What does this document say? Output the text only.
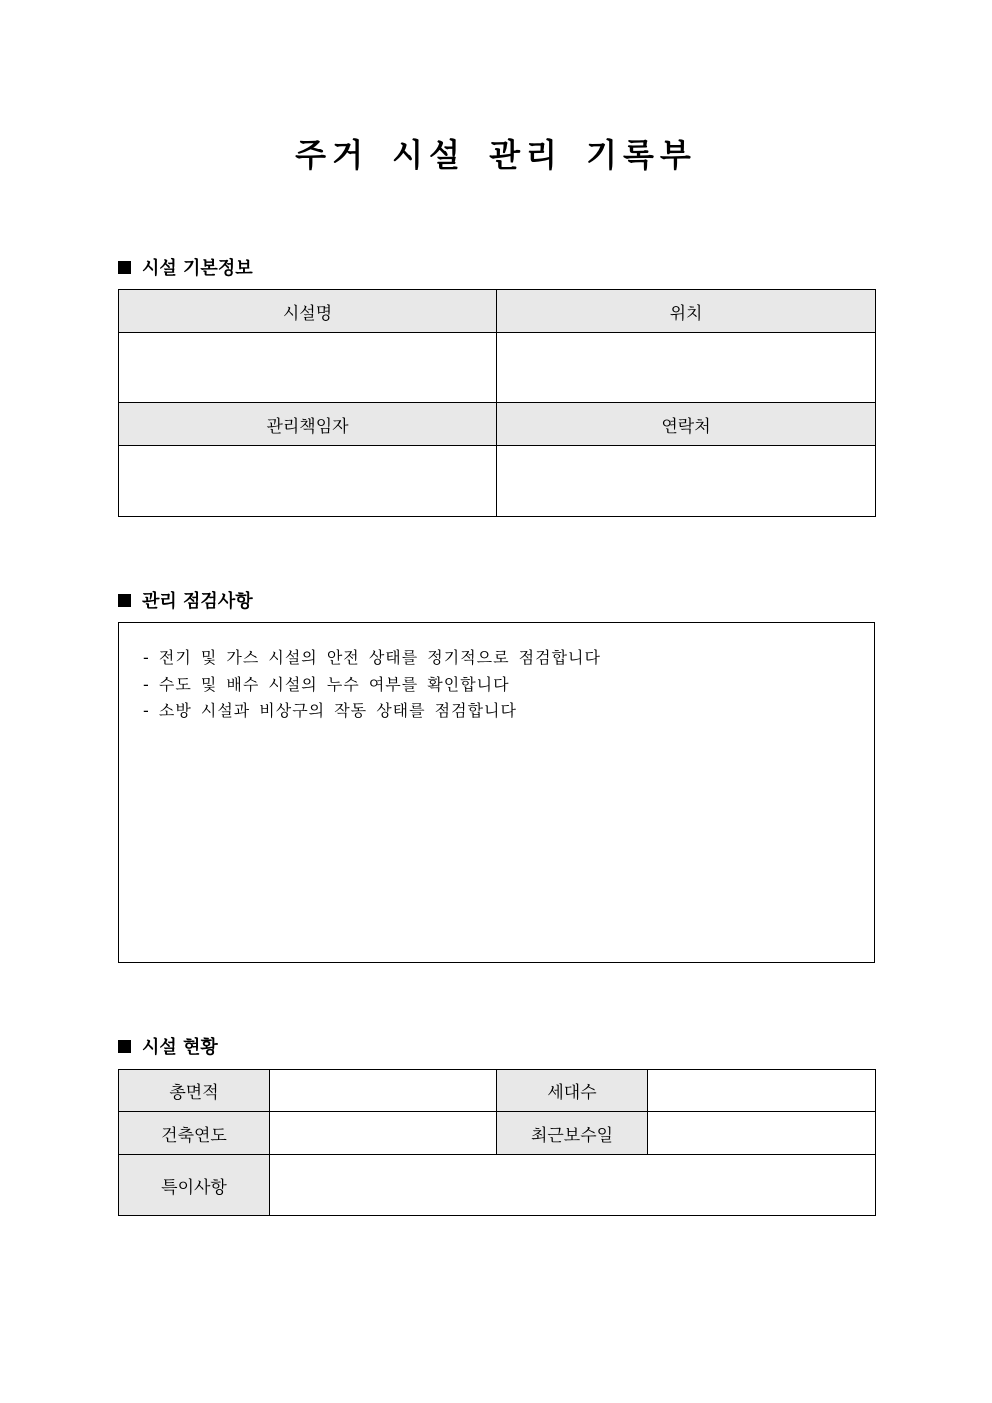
주거 시설 관리 기록부
시설 기본정보
시설명	위치

관리책임자	연락처

관리 점검사항
- 전기 및 가스 시설의 안전 상태를 정기적으로 점검합니다
- 수도 및 배수 시설의 누수 여부를 확인합니다
- 소방 시설과 비상구의 작동 상태를 점검합니다
시설 현황
총면적		세대수	
건축연도		최근보수일	
특이사항			
